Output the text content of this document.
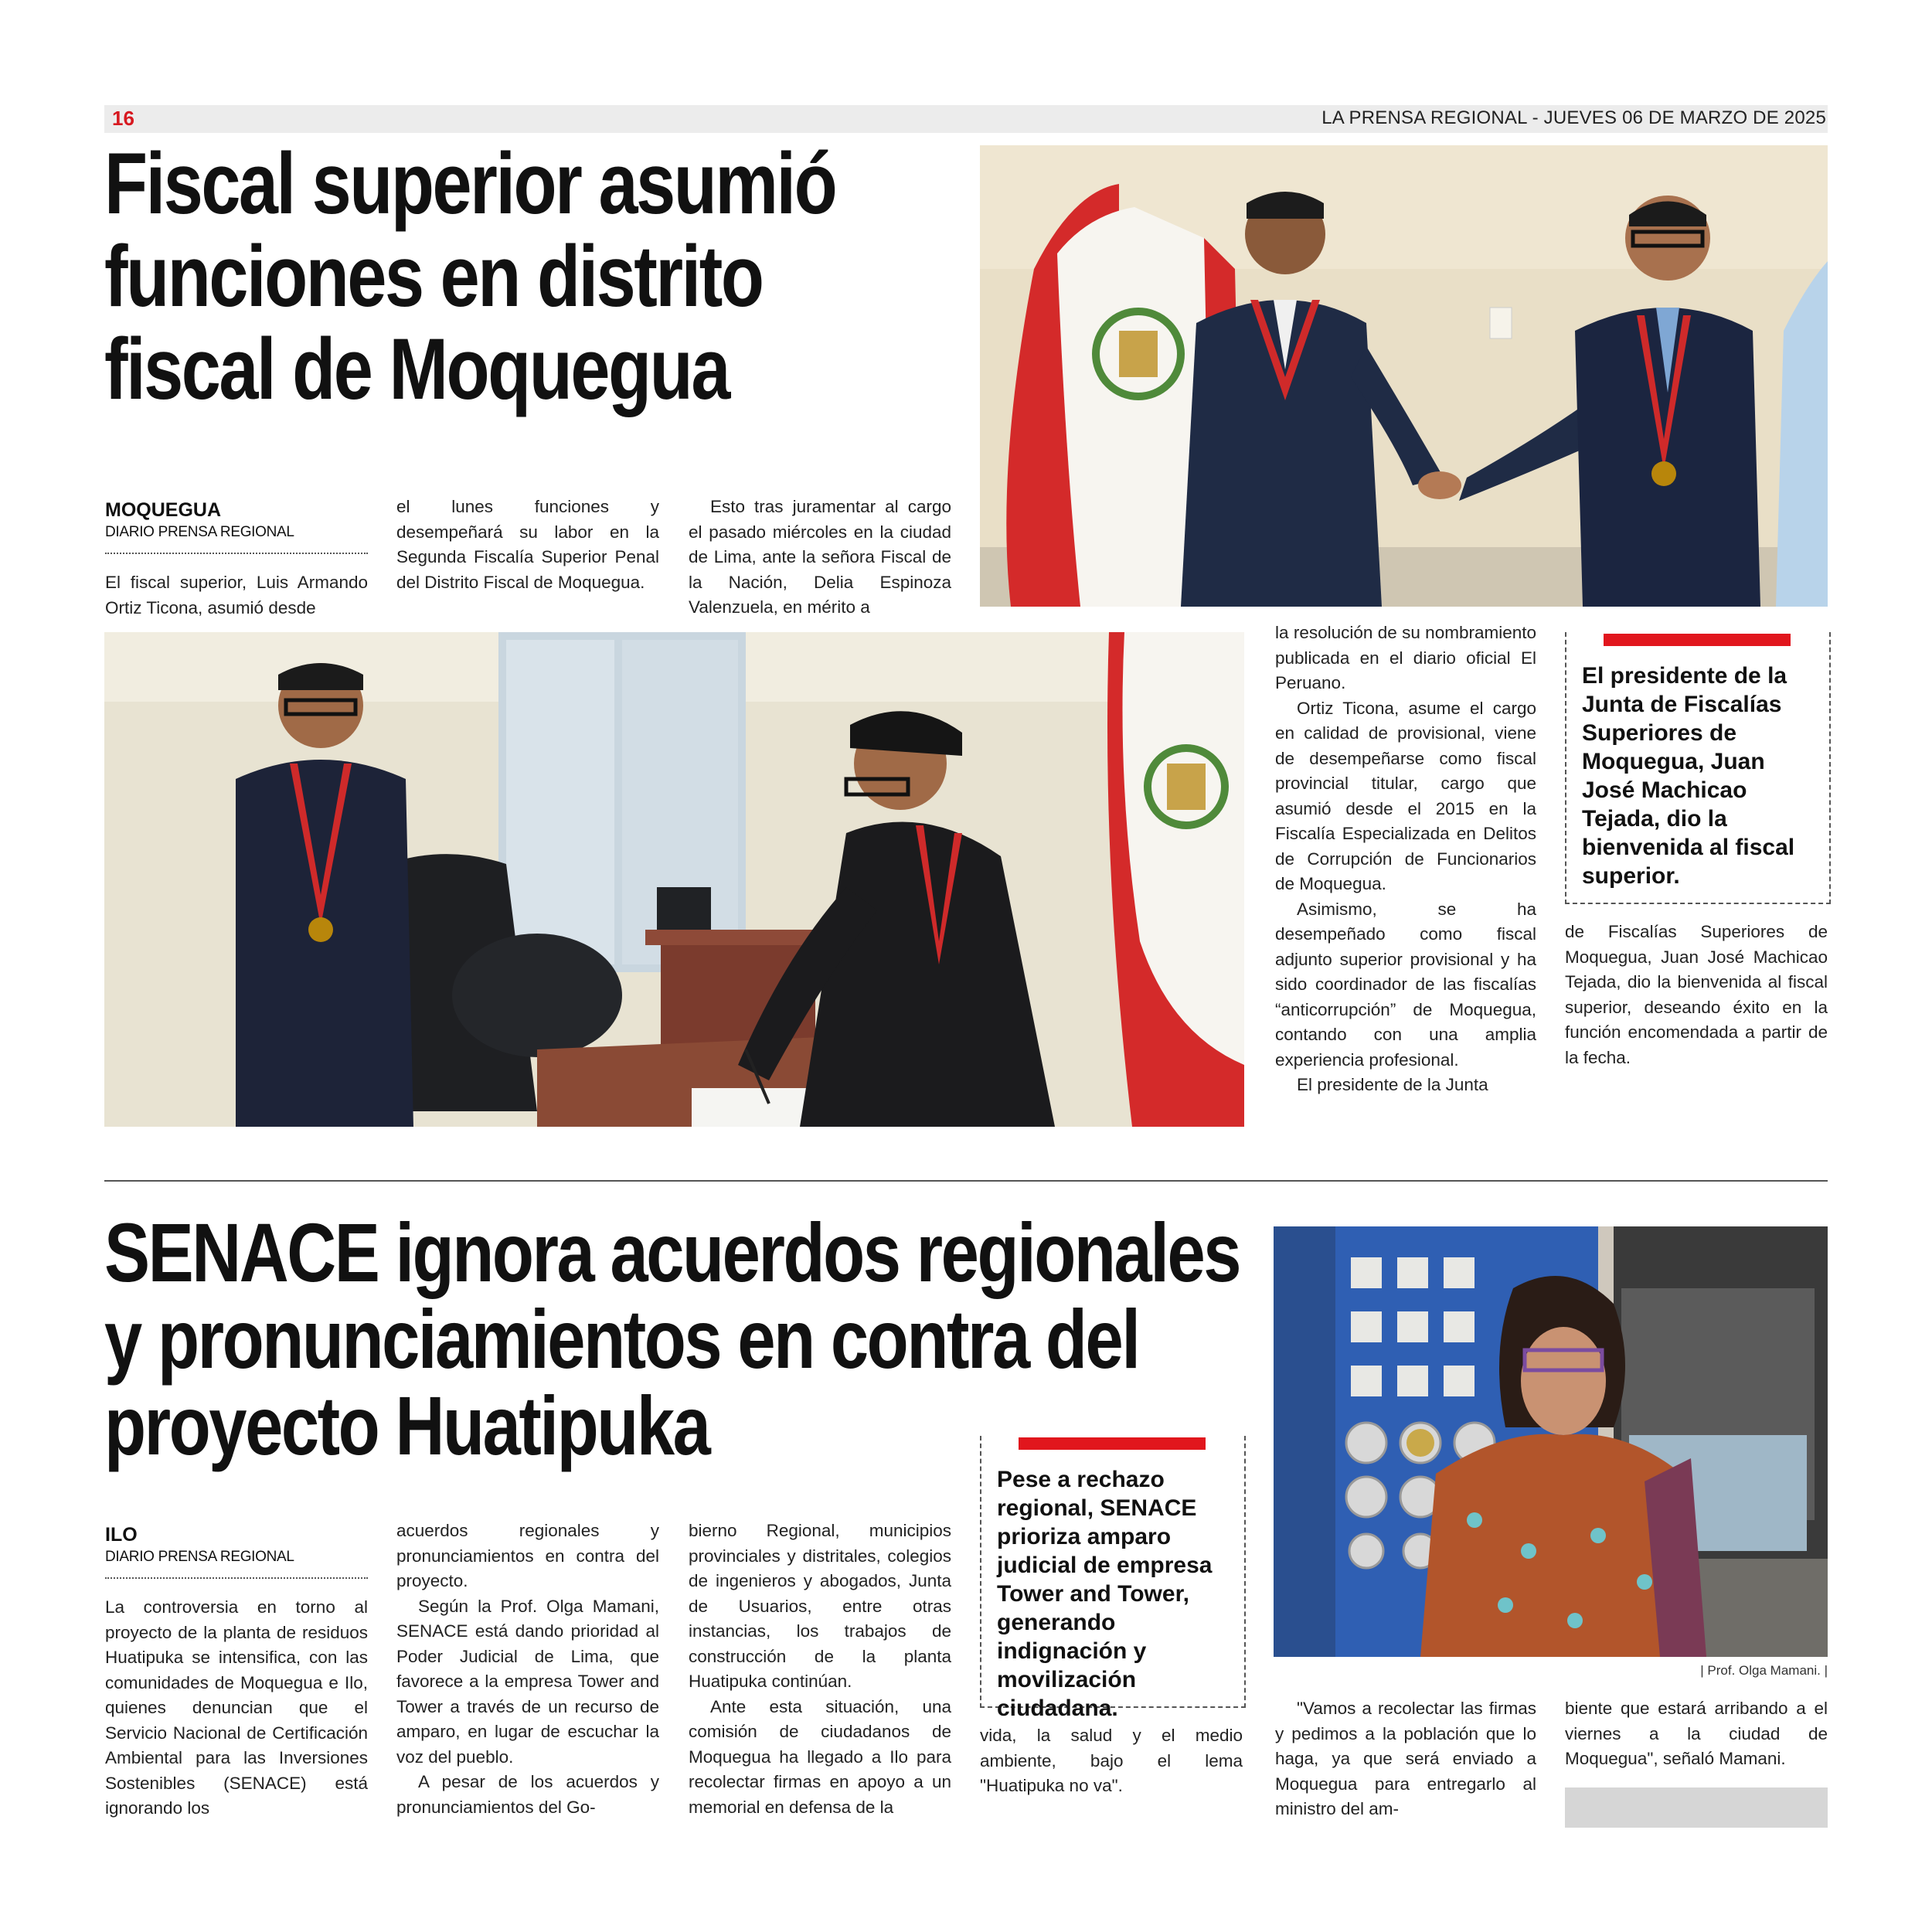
16	LA PRENSA REGIONAL - JUEVES 06 DE MARZO DE 2025
Fiscal superior asumió
funciones en distrito
fiscal de Moquegua
MOQUEGUA
DIARIO PRENSA REGIONAL

El fiscal superior, Luis Armando Ortiz Ticona, asumió desde

el lunes funciones y desempeñará su labor en la Segunda Fiscalía Superior Penal del Distrito Fiscal de Moquegua.

Esto tras juramentar al cargo el pasado miércoles en la ciudad de Lima, ante la señora Fiscal de la Nación, Delia Espinoza Valenzuela, en mérito a

la resolución de su nombramiento publicada en el diario oficial El Peruano.

Ortiz Ticona, asume el cargo en calidad de provisional, viene de desempeñarse como fiscal provincial titular, cargo que asumió desde el 2015 en la Fiscalía Especializada en Delitos de Corrupción de Funcionarios de Moquegua.

Asimismo, se ha desempeñado como fiscal adjunto superior provisional y ha sido coordinador de las fiscalías “anticorrupción” de Moquegua, contando con una amplia experiencia profesional.

El presidente de la Junta

El presidente de la Junta de Fiscalías Superiores de Moquegua, Juan José Machicao Tejada, dio la bienvenida al fiscal superior.

de Fiscalías Superiores de Moquegua, Juan José Machicao Tejada, dio la bienvenida al fiscal superior, deseando éxito en la función encomendada a partir de la fecha.

SENACE ignora acuerdos regionales
y pronunciamientos en contra del
proyecto Huatipuka
| Prof. Olga Mamani. |
ILO
DIARIO PRENSA REGIONAL

La controversia en torno al proyecto de la planta de residuos Huatipuka se intensifica, con las comunidades de Moquegua e Ilo, quienes denuncian que el Servicio Nacional de Certificación Ambiental para las Inversiones Sostenibles (SENACE) está ignorando los

acuerdos regionales y pronunciamientos en contra del proyecto.

Según la Prof. Olga Mamani, SENACE está dando prioridad al Poder Judicial de Lima, que favorece a la empresa Tower and Tower a través de un recurso de amparo, en lugar de escuchar la voz del pueblo.

A pesar de los acuerdos y pronunciamientos del Go-

bierno Regional, municipios provinciales y distritales, colegios de ingenieros y abogados, Junta de Usuarios, entre otras instancias, los trabajos de construcción de la planta Huatipuka continúan.

Ante esta situación, una comisión de ciudadanos de Moquegua ha llegado a Ilo para recolectar firmas en apoyo a un memorial en defensa de la

Pese a rechazo regional, SENACE prioriza amparo judicial de empresa Tower and Tower, generando indignación y movilización ciudadana.

vida, la salud y el medio ambiente, bajo el lema "Huatipuka no va".

"Vamos a recolectar las firmas y pedimos a la población que lo haga, ya que será enviado a Moquegua para entregarlo al ministro del am-

biente que estará arribando a el viernes a la ciudad de Moquegua", señaló Mamani.
